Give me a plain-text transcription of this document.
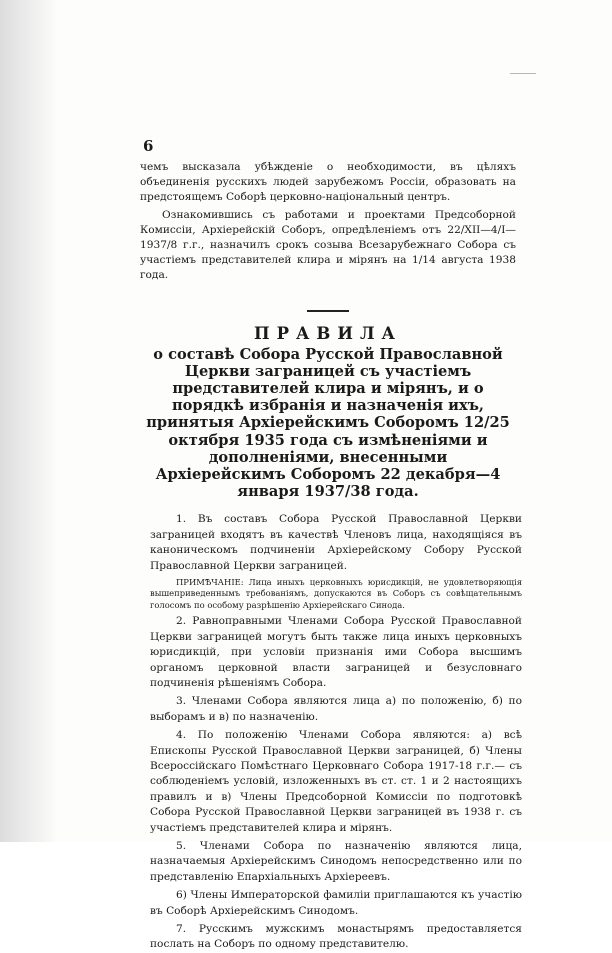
6

чемъ высказала убѣжденіе о необходимости, въ цѣляхъ объединенія русскихъ людей зарубежомъ Россіи, образовать на предстоящемъ Соборѣ церковно-національный центръ.

Ознакомившись съ работами и проектами Предсоборной Комиссіи, Архіерейскій Соборъ, опредѣленіемъ отъ 22/XII—4/I—1937/8 г.г., назначилъ срокъ созыва Всезарубежнаго Собора съ участіемъ представителей клира и мірянъ на 1/14 августа 1938 года.

ПРАВИЛА
о составѣ Собора Русской Православной Церкви заграницей съ участіемъ представителей клира и мірянъ, и о порядкѣ избранія и назначенія ихъ, принятыя Архіерейскимъ Соборомъ 12/25 октября 1935 года съ измѣненіями и дополненіями, внесенными Архіерейскимъ Соборомъ 22 декабря—4 января 1937/38 года.

1. Въ составъ Собора Русской Православной Церкви заграницей входятъ въ качествѣ Членовъ лица, находящіяся въ каноническомъ подчиненіи Архіерейскому Собору Русской Православной Церкви заграницей.

ПРИМѢЧАНІЕ: Лица иныхъ церковныхъ юрисдикцій, не удовлетворяющія вышеприведеннымъ требованіямъ, допускаются въ Соборъ съ совѣщательнымъ голосомъ по особому разрѣшенію Архіерейскаго Синода.

2. Равноправными Членами Собора Русской Православной Церкви заграницей могутъ быть также лица иныхъ церковныхъ юрисдикцій, при условіи признанія ими Собора высшимъ органомъ церковной власти заграницей и безусловнаго подчиненія рѣшеніямъ Собора.

3. Членами Собора являются лица а) по положенію, б) по выборамъ и в) по назначенію.

4. По положенію Членами Собора являются: а) всѣ Епископы Русской Православной Церкви заграницей, б) Члены Всероссійскаго Помѣстнаго Церковнаго Собора 1917-18 г.г.— съ соблюденіемъ условій, изложенныхъ въ ст. ст. 1 и 2 настоящихъ правилъ и в) Члены Предсоборной Комиссіи по подготовкѣ Собора Русской Православной Церкви заграницей въ 1938 г. съ участіемъ представителей клира и мірянъ.

5. Членами Собора по назначенію являются лица, назначаемыя Архіерейскимъ Синодомъ непосредственно или по представленію Епархіальныхъ Архіереевъ.

6) Члены Императорской фамиліи приглашаются къ участію въ Соборѣ Архіерейскимъ Синодомъ.

7. Русскимъ мужскимъ монастырямъ предоставляется послать на Соборъ по одному представителю.
